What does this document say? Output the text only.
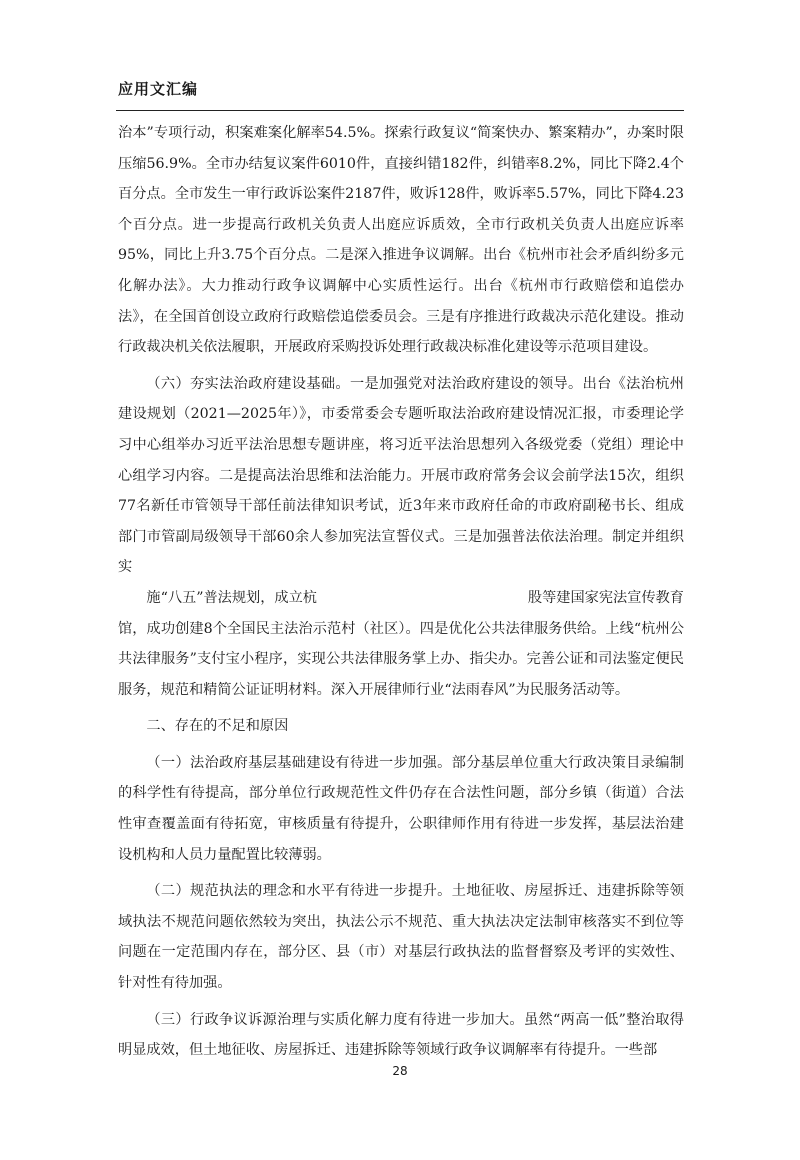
应用文汇编

治本”专项行动，积案难案化解率54.5%。探索行政复议“简案快办、繁案精办”，办案时限压缩56.9%。全市办结复议案件6010件，直接纠错182件，纠错率8.2%，同比下降2.4个百分点。全市发生一审行政诉讼案件2187件，败诉128件，败诉率5.57%，同比下降4.23个百分点。进一步提高行政机关负责人出庭应诉质效，全市行政机关负责人出庭应诉率95%，同比上升3.75个百分点。二是深入推进争议调解。出台《杭州市社会矛盾纠纷多元化解办法》。大力推动行政争议调解中心实质性运行。出台《杭州市行政赔偿和追偿办法》，在全国首创设立政府行政赔偿追偿委员会。三是有序推进行政裁决示范化建设。推动行政裁决机关依法履职，开展政府采购投诉处理行政裁决标准化建设等示范项目建设。

（六）夯实法治政府建设基础。一是加强党对法治政府建设的领导。出台《法治杭州建设规划（2021—2025年）》，市委常委会专题听取法治政府建设情况汇报，市委理论学习中心组举办习近平法治思想专题讲座，将习近平法治思想列入各级党委（党组）理论中心组学习内容。二是提高法治思维和法治能力。开展市政府常务会议会前学法15次，组织77名新任市管领导干部任前法律知识考试，近3年来市政府任命的市政府副秘书长、组成部门市管副局级领导干部60余人参加宪法宣誓仪式。三是加强普法依法治理。制定并组织实
施“八五”普法规划，成立杭	股等建国家宪法宣传教育
馆，成功创建8个全国民主法治示范村（社区）。四是优化公共法律服务供给。上线“杭州公共法律服务”支付宝小程序，实现公共法律服务掌上办、指尖办。完善公证和司法鉴定便民服务，规范和精简公证证明材料。深入开展律师行业“法雨春风”为民服务活动等。

二、存在的不足和原因

（一）法治政府基层基础建设有待进一步加强。部分基层单位重大行政决策目录编制的科学性有待提高，部分单位行政规范性文件仍存在合法性问题，部分乡镇（街道）合法性审查覆盖面有待拓宽，审核质量有待提升，公职律师作用有待进一步发挥，基层法治建设机构和人员力量配置比较薄弱。

（二）规范执法的理念和水平有待进一步提升。土地征收、房屋拆迁、违建拆除等领域执法不规范问题依然较为突出，执法公示不规范、重大执法决定法制审核落实不到位等问题在一定范围内存在，部分区、县（市）对基层行政执法的监督督察及考评的实效性、针对性有待加强。

（三）行政争议诉源治理与实质化解力度有待进一步加大。虽然“两高一低”整治取得明显成效，但土地征收、房屋拆迁、违建拆除等领域行政争议调解率有待提升。一些部

28
